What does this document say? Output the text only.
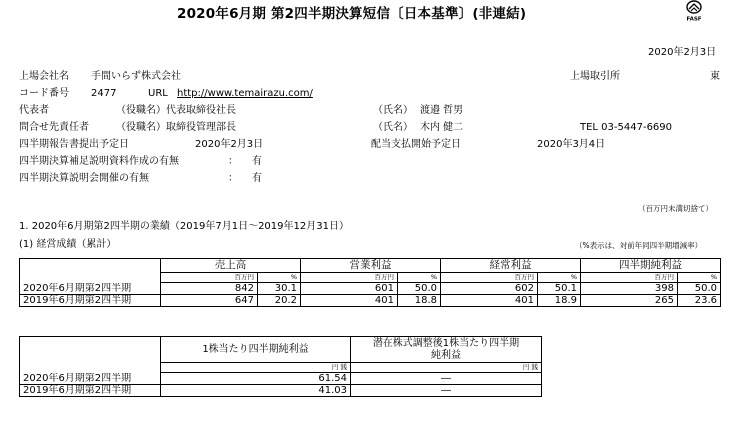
FASF
2020年6月期 第2四半期決算短信〔日本基準〕(非連結)
2020年2月3日
上場会社名 手間いらず株式会社	上場取引所	東
コード番号 2477	URL http://www.temairazu.com/
代表者	（役職名） 代表取締役社長	（氏名） 渡邉 哲男
問合せ先責任者	（役職名） 取締役管理部長	（氏名） 木内 健二	TEL 03-5447-6690
四半期報告書提出予定日	2020年2月3日	配当支払開始予定日	2020年3月4日
四半期決算補足説明資料作成の有無	： 有
四半期決算説明会開催の有無	： 有
（百万円未満切捨て）
1. 2020年6月期第2四半期の業績（2019年7月1日～2019年12月31日）
(1) 経営成績（累計）	（%表示は、対前年同四半期増減率）
	売上高		営業利益		経常利益		四半期純利益	
	百万円	%	百万円	%	百万円	%	百万円	%
2020年6月期第2四半期	842	30.1	601	50.0	602	50.1	398	50.0
2019年6月期第2四半期	647	20.2	401	18.8	401	18.9	265	23.6
	1株当たり四半期純利益	潜在株式調整後1株当たり四半期
純利益

	円 銭	円 銭
2020年6月期第2四半期	61.54	―
2019年6月期第2四半期	41.03	―
